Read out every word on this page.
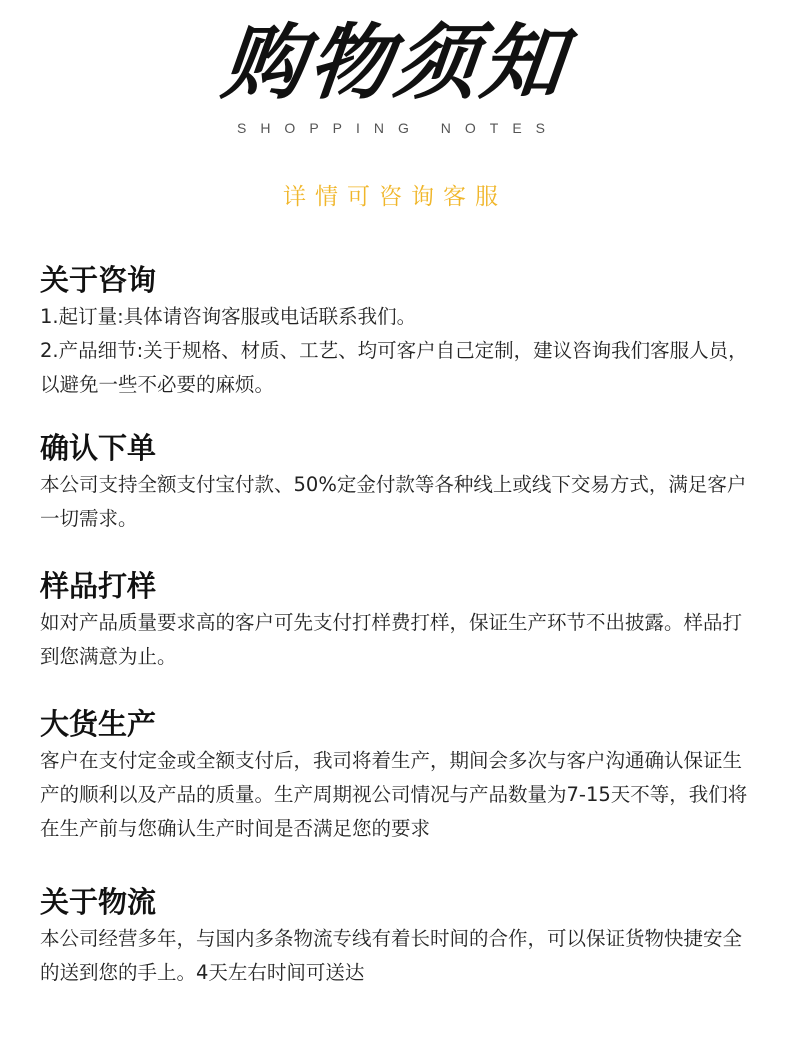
购物须知
SHOPPING NOTES
详情可咨询客服
关于咨询

1.起订量:具体请咨询客服或电话联系我们。

2.产品细节:关于规格、材质、工艺、均可客户自己定制，建议咨询我们客服人员，以避免一些不必要的麻烦。

确认下单

本公司支持全额支付宝付款、50%定金付款等各种线上或线下交易方式，满足客户一切需求。

样品打样

如对产品质量要求高的客户可先支付打样费打样，保证生产环节不出披露。样品打到您满意为止。

大货生产

客户在支付定金或全额支付后，我司将着生产，期间会多次与客户沟通确认保证生产的顺利以及产品的质量。生产周期视公司情况与产品数量为7-15天不等，我们将在生产前与您确认生产时间是否满足您的要求

关于物流

本公司经营多年，与国内多条物流专线有着长时间的合作，可以保证货物快捷安全的送到您的手上。4天左右时间可送达
